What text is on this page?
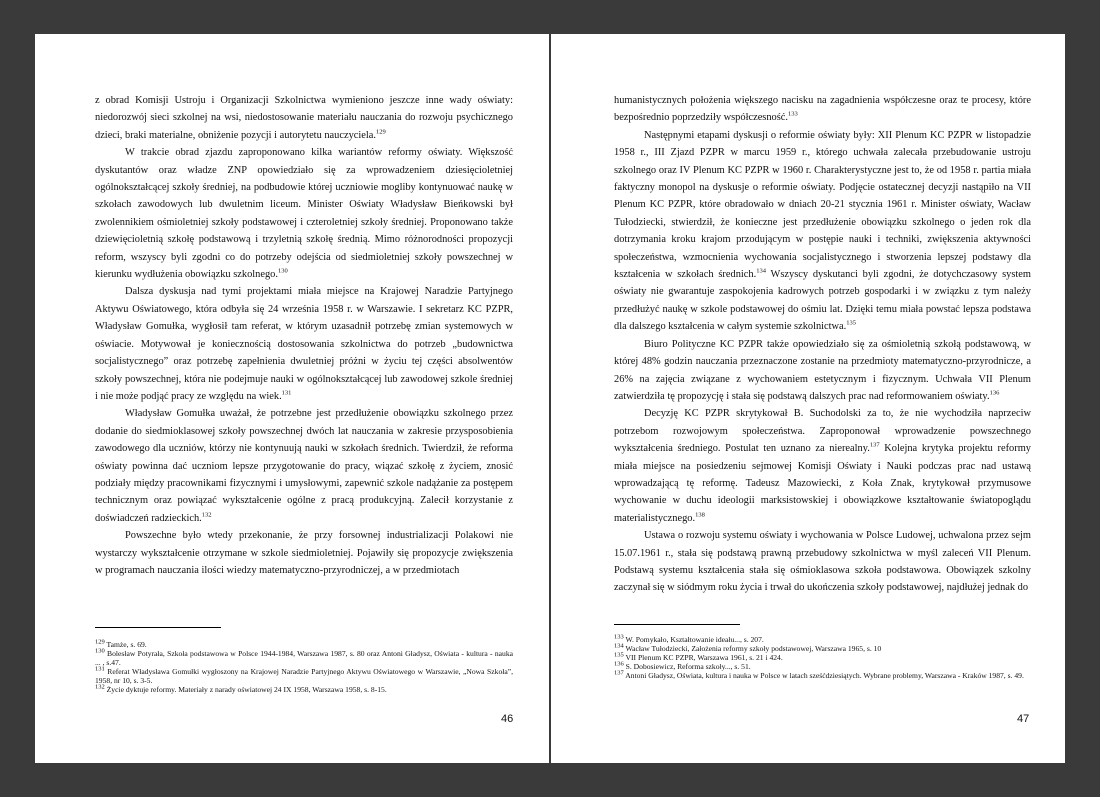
z obrad Komisji Ustroju i Organizacji Szkolnictwa wymieniono jeszcze inne wady oświaty: niedorozwój sieci szkolnej na wsi, niedostosowanie materiału nauczania do rozwoju psychicznego dzieci, braki materialne, obniżenie pozycji i autorytetu nauczyciela.$^{129}$

W trakcie obrad zjazdu zaproponowano kilka wariantów reformy oświaty. Większość dyskutantów oraz władze ZNP opowiedziało się za wprowadzeniem dziesięcioletniej ogólnokształcącej szkoły średniej, na podbudowie której uczniowie mogliby kontynuować naukę w szkołach zawodowych lub dwuletnim liceum. Minister Oświaty Władysław Bieńkowski był zwolennikiem ośmioletniej szkoły podstawowej i czteroletniej szkoły średniej. Proponowano także dziewięcioletnią szkołę podstawową i trzyletnią szkołę średnią. Mimo różnorodności propozycji reform, wszyscy byli zgodni co do potrzeby odejścia od siedmioletniej szkoły powszechnej w kierunku wydłużenia obowiązku szkolnego.$^{130}$

Dalsza dyskusja nad tymi projektami miała miejsce na Krajowej Naradzie Partyjnego Aktywu Oświatowego, która odbyła się 24 września 1958 r. w Warszawie. I sekretarz KC PZPR, Władysław Gomułka, wygłosił tam referat, w którym uzasadnił potrzebę zmian systemowych w oświacie. Motywował je koniecznością dostosowania szkolnictwa do potrzeb „budownictwa socjalistycznego” oraz potrzebę zapełnienia dwuletniej próżni w życiu tej części absolwentów szkoły powszechnej, która nie podejmuje nauki w ogólnokształcącej lub zawodowej szkole średniej i nie może podjąć pracy ze względu na wiek.$^{131}$

Władysław Gomułka uważał, że potrzebne jest przedłużenie obowiązku szkolnego przez dodanie do siedmioklasowej szkoły powszechnej dwóch lat nauczania w zakresie przysposobienia zawodowego dla uczniów, którzy nie kontynuują nauki w szkołach średnich. Twierdził, że reforma oświaty powinna dać uczniom lepsze przygotowanie do pracy, wiązać szkołę z życiem, znosić podziały między pracownikami fizycznymi i umysłowymi, zapewnić szkole nadążanie za postępem technicznym oraz powiązać wykształcenie ogólne z pracą produkcyjną. Zalecił korzystanie z doświadczeń radzieckich.$^{132}$

Powszechne było wtedy przekonanie, że przy forsownej industrializacji Polakowi nie wystarczy wykształcenie otrzymane w szkole siedmioletniej. Pojawiły się propozycje zwiększenia w programach nauczania ilości wiedzy matematyczno-przyrodniczej, a w przedmiotach

$^{129}$ Tamże, s. 69.
$^{130}$ Bolesław Potyrała, Szkoła podstawowa w Polsce 1944-1984, Warszawa 1987, s. 80 oraz Antoni Gładysz, Oświata - kultura - nauka ... , s.47.
$^{131}$ Referat Władysława Gomułki wygłoszony na Krajowej Naradzie Partyjnego Aktywu Oświatowego w Warszawie, „Nowa Szkoła”, 1958, nr 10, s. 3-5.
$^{132}$ Życie dyktuje reformy. Materiały z narady oświatowej 24 IX 1958, Warszawa 1958, s. 8-15.
46

humanistycznych położenia większego nacisku na zagadnienia współczesne oraz te procesy, które bezpośrednio poprzedziły współczesność.$^{133}$

Następnymi etapami dyskusji o reformie oświaty były: XII Plenum KC PZPR w listopadzie 1958 r., III Zjazd PZPR w marcu 1959 r., którego uchwała zalecała przebudowanie ustroju szkolnego oraz IV Plenum KC PZPR w 1960 r. Charakterystyczne jest to, że od 1958 r. partia miała faktyczny monopol na dyskusje o reformie oświaty. Podjęcie ostatecznej decyzji nastąpiło na VII Plenum KC PZPR, które obradowało w dniach 20-21 stycznia 1961 r. Minister oświaty, Wacław Tułodziecki, stwierdził, że konieczne jest przedłużenie obowiązku szkolnego o jeden rok dla dotrzymania kroku krajom przodującym w postępie nauki i techniki, zwiększenia aktywności społeczeństwa, wzmocnienia wychowania socjalistycznego i stworzenia lepszej podstawy dla kształcenia w szkołach średnich.$^{134}$ Wszyscy dyskutanci byli zgodni, że dotychczasowy system oświaty nie gwarantuje zaspokojenia kadrowych potrzeb gospodarki i w związku z tym należy przedłużyć naukę w szkole podstawowej do ośmiu lat. Dzięki temu miała powstać lepsza podstawa dla dalszego kształcenia w całym systemie szkolnictwa.$^{135}$

Biuro Polityczne KC PZPR także opowiedziało się za ośmioletnią szkołą podstawową, w której 48% godzin nauczania przeznaczone zostanie na przedmioty matematyczno-przyrodnicze, a 26% na zajęcia związane z wychowaniem estetycznym i fizycznym. Uchwała VII Plenum zatwierdziła tę propozycję i stała się podstawą dalszych prac nad reformowaniem oświaty.$^{136}$

Decyzję KC PZPR skrytykował B. Suchodolski za to, że nie wychodziła naprzeciw potrzebom rozwojowym społeczeństwa. Zaproponował wprowadzenie powszechnego wykształcenia średniego. Postulat ten uznano za nierealny.$^{137}$ Kolejna krytyka projektu reformy miała miejsce na posiedzeniu sejmowej Komisji Oświaty i Nauki podczas prac nad ustawą wprowadzającą tę reformę. Tadeusz Mazowiecki, z Koła Znak, krytykował przymusowe wychowanie w duchu ideologii marksistowskiej i obowiązkowe kształtowanie światopoglądu materialistycznego.$^{138}$

Ustawa o rozwoju systemu oświaty i wychowania w Polsce Ludowej, uchwalona przez sejm 15.07.1961 r., stała się podstawą prawną przebudowy szkolnictwa w myśl zaleceń VII Plenum. Podstawą systemu kształcenia stała się ośmioklasowa szkoła podstawowa. Obowiązek szkolny zaczynał się w siódmym roku życia i trwał do ukończenia szkoły podstawowej, najdłużej jednak do

$^{133}$ W. Pomykało, Kształtowanie ideału..., s. 207.
$^{134}$ Wacław Tułodziecki, Założenia reformy szkoły podstawowej, Warszawa 1965, s. 10
$^{135}$ VII Plenum KC PZPR, Warszawa 1961, s. 21 i 424.
$^{136}$ S. Dobosiewicz, Reforma szkoły..., s. 51.
$^{137}$ Antoni Gładysz, Oświata, kultura i nauka w Polsce w latach sześćdziesiątych. Wybrane problemy, Warszawa - Kraków 1987, s. 49.
47
